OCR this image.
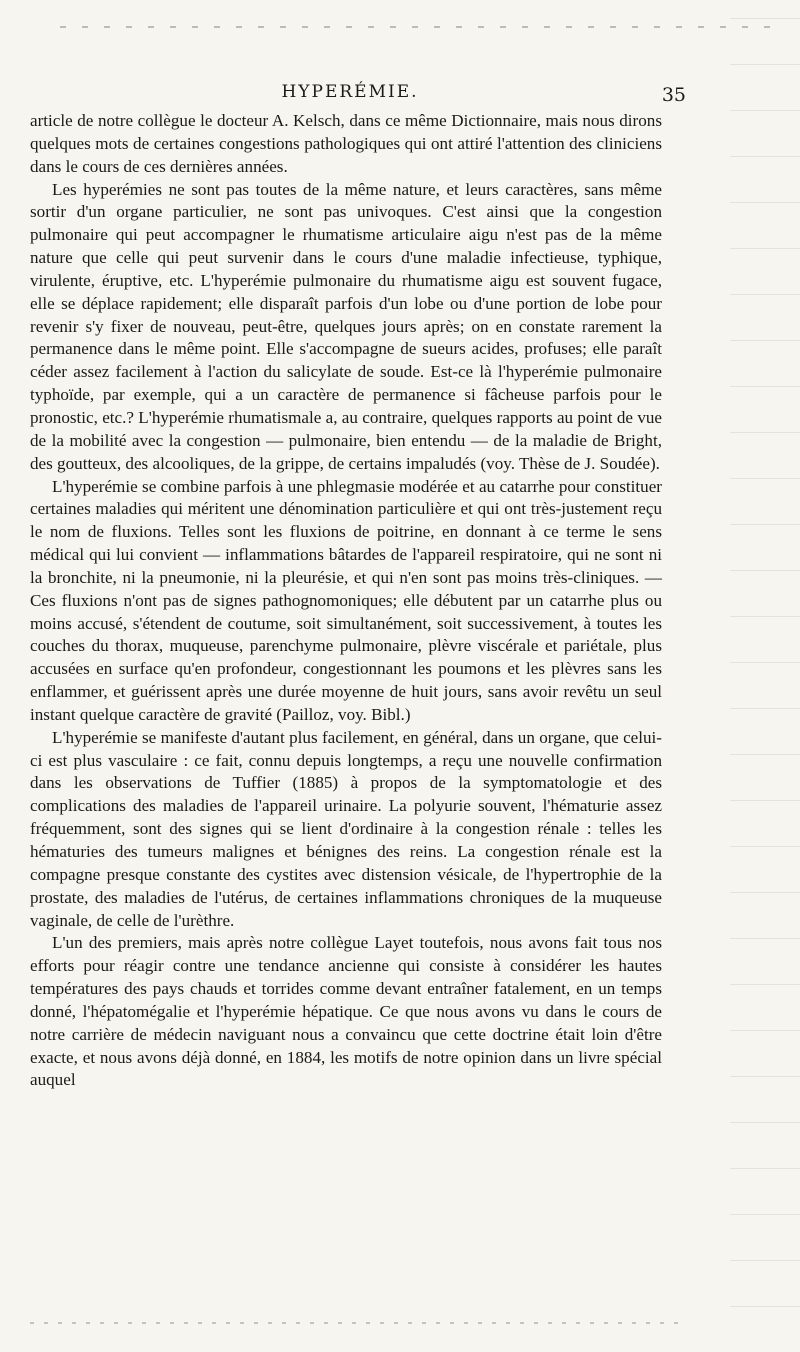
HYPERÉMIE.	35

article de notre collègue le docteur A. Kelsch, dans ce même Dictionnaire, mais nous dirons quelques mots de certaines congestions pathologiques qui ont attiré l'attention des cliniciens dans le cours de ces dernières années.

Les hyperémies ne sont pas toutes de la même nature, et leurs caractères, sans même sortir d'un organe particulier, ne sont pas univoques. C'est ainsi que la congestion pulmonaire qui peut accompagner le rhumatisme articulaire aigu n'est pas de la même nature que celle qui peut survenir dans le cours d'une maladie infectieuse, typhique, virulente, éruptive, etc. L'hyperémie pulmonaire du rhumatisme aigu est souvent fugace, elle se déplace rapidement; elle disparaît parfois d'un lobe ou d'une portion de lobe pour revenir s'y fixer de nouveau, peut-être, quelques jours après; on en constate rarement la permanence dans le même point. Elle s'accompagne de sueurs acides, profuses; elle paraît céder assez facilement à l'action du salicylate de soude. Est-ce là l'hyperémie pulmonaire typhoïde, par exemple, qui a un caractère de permanence si fâcheuse parfois pour le pronostic, etc.? L'hyperémie rhumatismale a, au contraire, quelques rapports au point de vue de la mobilité avec la congestion — pulmonaire, bien entendu — de la maladie de Bright, des goutteux, des alcooliques, de la grippe, de certains impaludés (voy. Thèse de J. Soudée).

L'hyperémie se combine parfois à une phlegmasie modérée et au catarrhe pour constituer certaines maladies qui méritent une dénomination particulière et qui ont très-justement reçu le nom de fluxions. Telles sont les fluxions de poitrine, en donnant à ce terme le sens médical qui lui convient — inflammations bâtardes de l'appareil respiratoire, qui ne sont ni la bronchite, ni la pneumonie, ni la pleurésie, et qui n'en sont pas moins très-cliniques. — Ces fluxions n'ont pas de signes pathognomoniques; elle débutent par un catarrhe plus ou moins accusé, s'étendent de coutume, soit simultanément, soit successivement, à toutes les couches du thorax, muqueuse, parenchyme pulmonaire, plèvre viscérale et pariétale, plus accusées en surface qu'en profondeur, congestionnant les poumons et les plèvres sans les enflammer, et guérissent après une durée moyenne de huit jours, sans avoir revêtu un seul instant quelque caractère de gravité (Pailloz, voy. Bibl.)

L'hyperémie se manifeste d'autant plus facilement, en général, dans un organe, que celui-ci est plus vasculaire : ce fait, connu depuis longtemps, a reçu une nouvelle confirmation dans les observations de Tuffier (1885) à propos de la symptomatologie et des complications des maladies de l'appareil urinaire. La polyurie souvent, l'hématurie assez fréquemment, sont des signes qui se lient d'ordinaire à la congestion rénale : telles les hématuries des tumeurs malignes et bénignes des reins. La congestion rénale est la compagne presque constante des cystites avec distension vésicale, de l'hypertrophie de la prostate, des maladies de l'utérus, de certaines inflammations chroniques de la muqueuse vaginale, de celle de l'urèthre.

L'un des premiers, mais après notre collègue Layet toutefois, nous avons fait tous nos efforts pour réagir contre une tendance ancienne qui consiste à considérer les hautes températures des pays chauds et torrides comme devant entraîner fatalement, en un temps donné, l'hépatomégalie et l'hyperémie hépatique. Ce que nous avons vu dans le cours de notre carrière de médecin naviguant nous a convaincu que cette doctrine était loin d'être exacte, et nous avons déjà donné, en 1884, les motifs de notre opinion dans un livre spécial auquel
